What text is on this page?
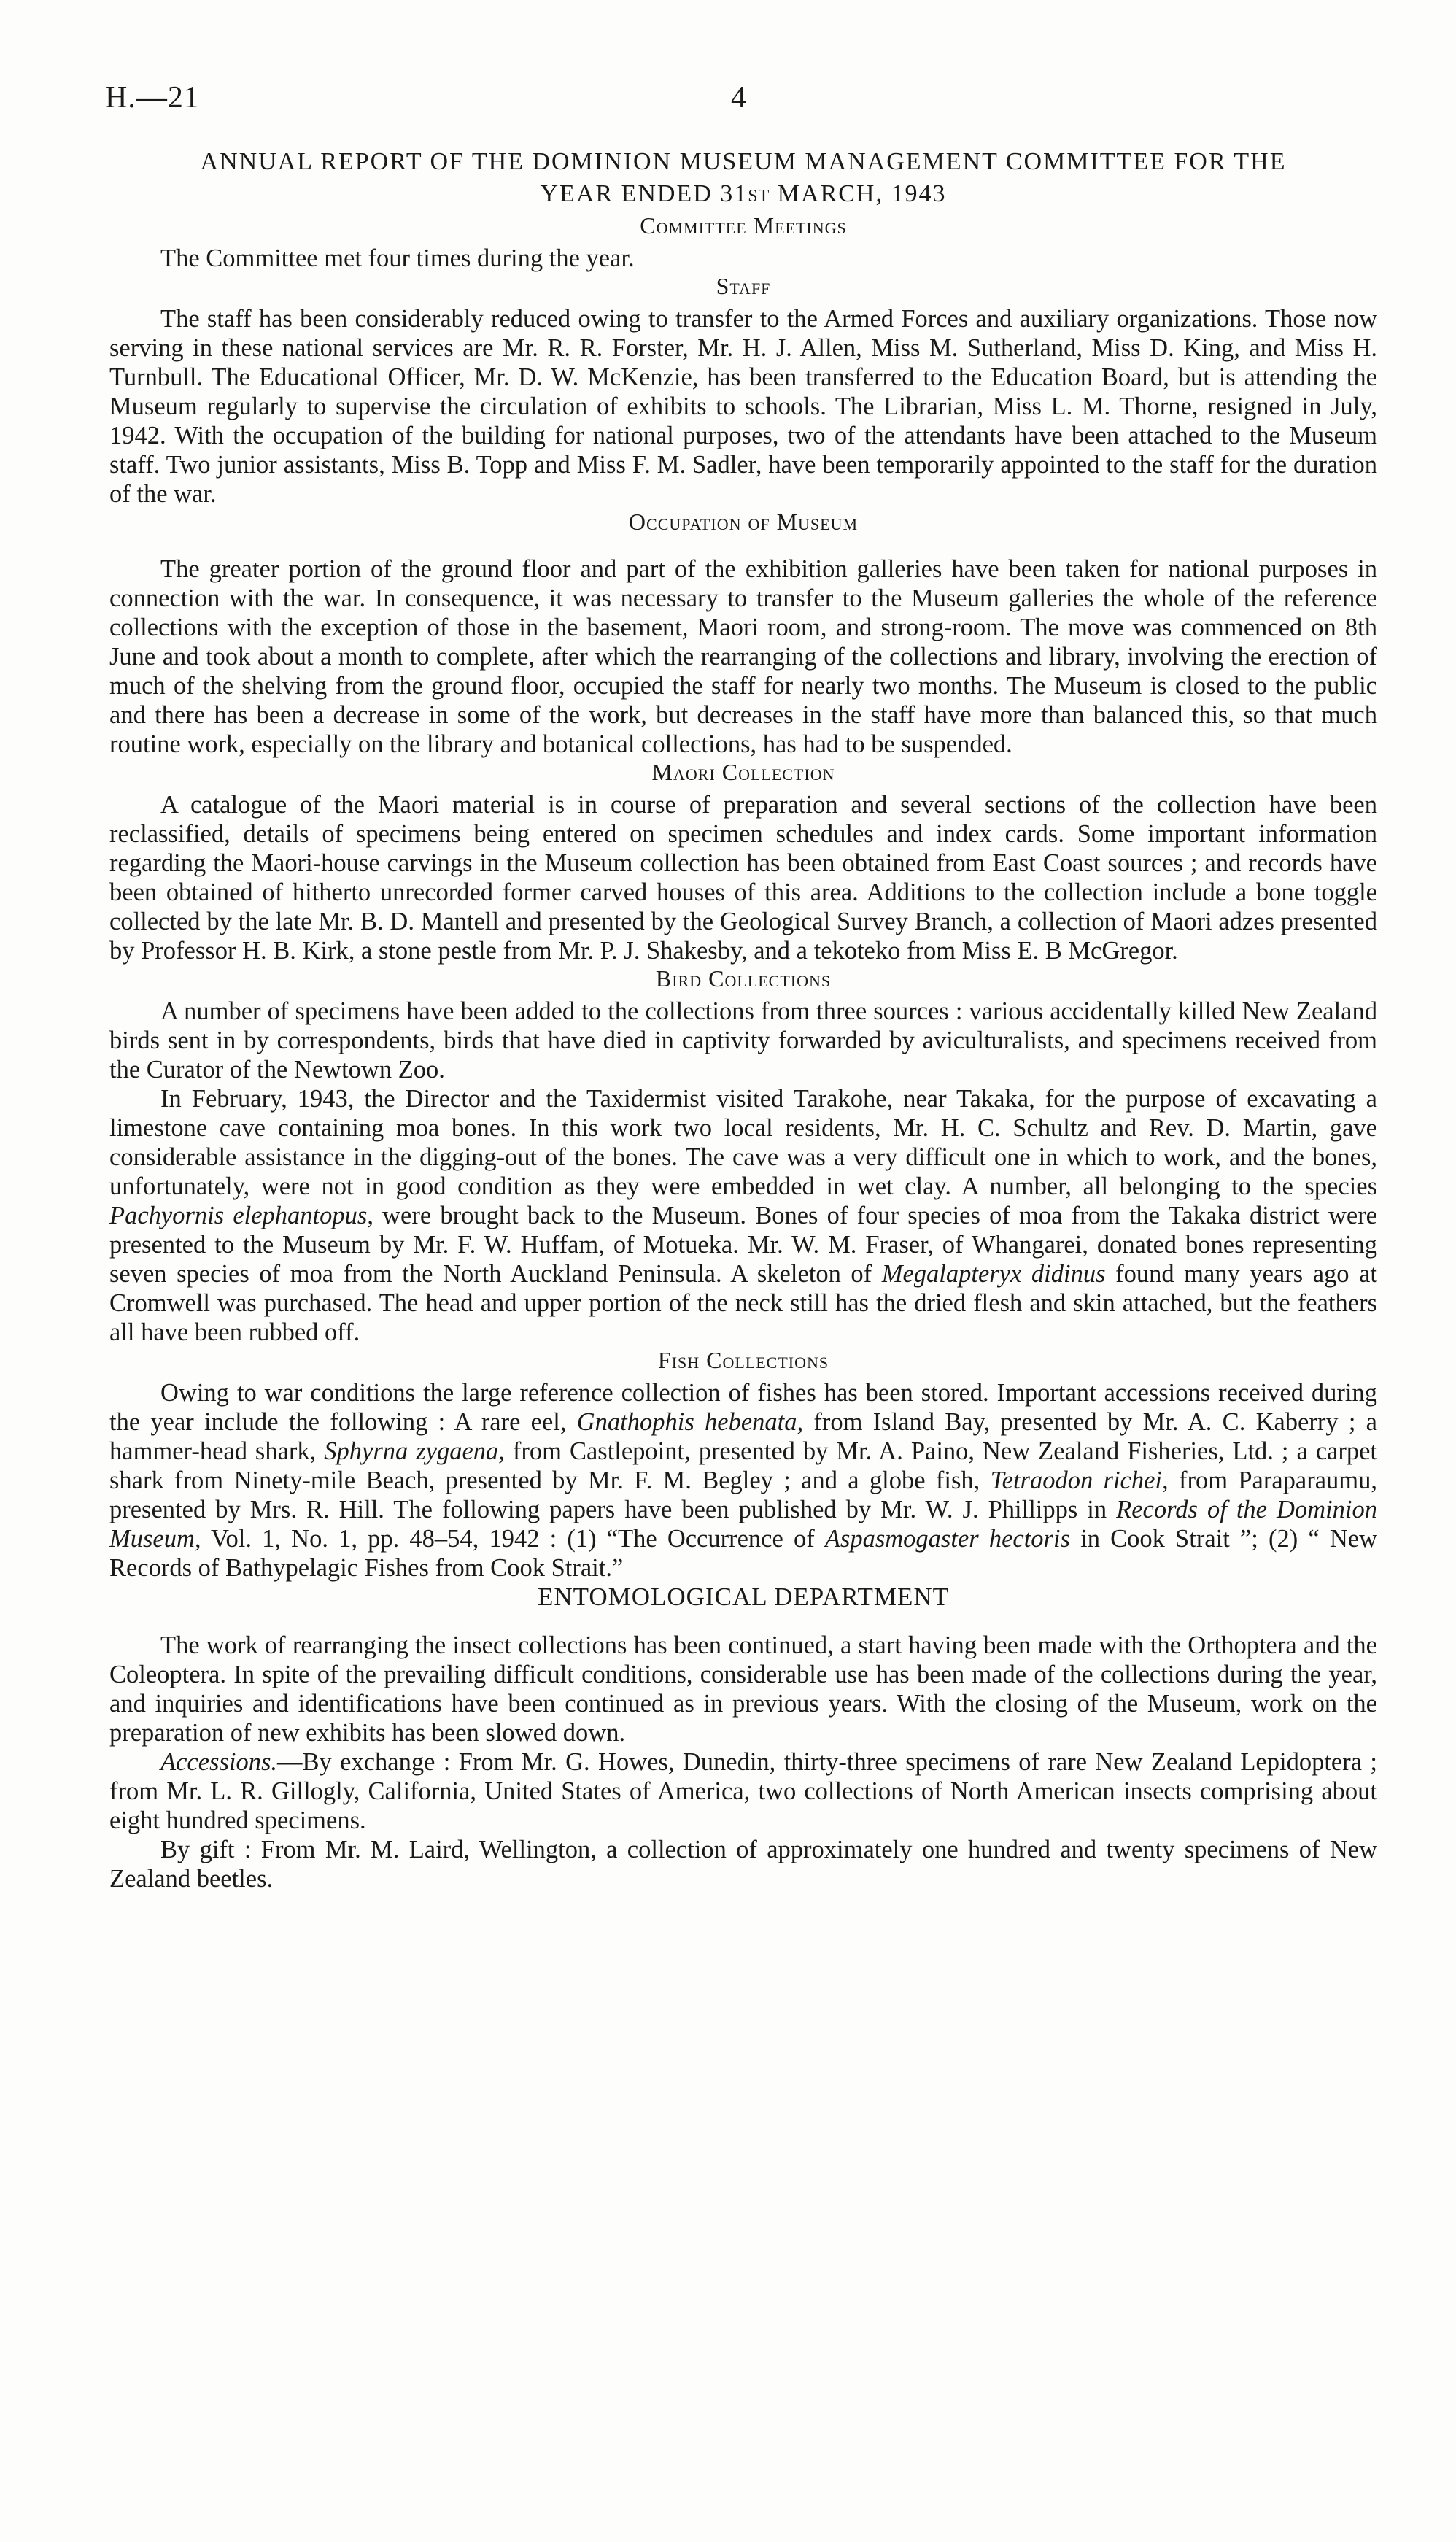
H.—21	4
ANNUAL REPORT OF THE DOMINION MUSEUM MANAGEMENT COMMITTEE FOR THE
YEAR ENDED 31ST MARCH, 1943
Committee Meetings

The Committee met four times during the year.

Staff

The staff has been considerably reduced owing to transfer to the Armed Forces and auxiliary organizations. Those now serving in these national services are Mr. R. R. Forster, Mr. H. J. Allen, Miss M. Sutherland, Miss D. King, and Miss H. Turnbull. The Educational Officer, Mr. D. W. McKenzie, has been transferred to the Education Board, but is attending the Museum regularly to supervise the circulation of exhibits to schools. The Librarian, Miss L. M. Thorne, resigned in July, 1942. With the occupation of the building for national purposes, two of the attendants have been attached to the Museum staff. Two junior assistants, Miss B. Topp and Miss F. M. Sadler, have been temporarily appointed to the staff for the duration of the war.

Occupation of Museum

The greater portion of the ground floor and part of the exhibition galleries have been taken for national purposes in connection with the war. In consequence, it was necessary to transfer to the Museum galleries the whole of the reference collections with the exception of those in the basement, Maori room, and strong-room. The move was commenced on 8th June and took about a month to complete, after which the rearranging of the collections and library, involving the erection of much of the shelving from the ground floor, occupied the staff for nearly two months. The Museum is closed to the public and there has been a decrease in some of the work, but decreases in the staff have more than balanced this, so that much routine work, especially on the library and botanical collections, has had to be suspended.

Maori Collection

A catalogue of the Maori material is in course of preparation and several sections of the collection have been reclassified, details of specimens being entered on specimen schedules and index cards. Some important information regarding the Maori-house carvings in the Museum collection has been obtained from East Coast sources ; and records have been obtained of hitherto unrecorded former carved houses of this area. Additions to the collection include a bone toggle collected by the late Mr. B. D. Mantell and presented by the Geological Survey Branch, a collection of Maori adzes presented by Professor H. B. Kirk, a stone pestle from Mr. P. J. Shakesby, and a tekoteko from Miss E. B McGregor.

Bird Collections

A number of specimens have been added to the collections from three sources : various accidentally killed New Zealand birds sent in by correspondents, birds that have died in captivity forwarded by aviculturalists, and specimens received from the Curator of the Newtown Zoo.

In February, 1943, the Director and the Taxidermist visited Tarakohe, near Takaka, for the purpose of excavating a limestone cave containing moa bones. In this work two local residents, Mr. H. C. Schultz and Rev. D. Martin, gave considerable assistance in the digging-out of the bones. The cave was a very difficult one in which to work, and the bones, unfortunately, were not in good condition as they were embedded in wet clay. A number, all belonging to the species Pachyornis elephantopus, were brought back to the Museum. Bones of four species of moa from the Takaka district were presented to the Museum by Mr. F. W. Huffam, of Motueka. Mr. W. M. Fraser, of Whangarei, donated bones representing seven species of moa from the North Auckland Peninsula. A skeleton of Megalapteryx didinus found many years ago at Cromwell was purchased. The head and upper portion of the neck still has the dried flesh and skin attached, but the feathers all have been rubbed off.

Fish Collections

Owing to war conditions the large reference collection of fishes has been stored. Important accessions received during the year include the following : A rare eel, Gnathophis hebenata, from Island Bay, presented by Mr. A. C. Kaberry ; a hammer-head shark, Sphyrna zygaena, from Castlepoint, presented by Mr. A. Paino, New Zealand Fisheries, Ltd. ; a carpet shark from Ninety-mile Beach, presented by Mr. F. M. Begley ; and a globe fish, Tetraodon richei, from Paraparaumu, presented by Mrs. R. Hill. The following papers have been published by Mr. W. J. Phillipps in Records of the Dominion Museum, Vol. 1, No. 1, pp. 48–54, 1942 : (1) “The Occurrence of Aspasmogaster hectoris in Cook Strait ”; (2) “ New Records of Bathypelagic Fishes from Cook Strait.”

ENTOMOLOGICAL DEPARTMENT

The work of rearranging the insect collections has been continued, a start having been made with the Orthoptera and the Coleoptera. In spite of the prevailing difficult conditions, considerable use has been made of the collections during the year, and inquiries and identifications have been continued as in previous years. With the closing of the Museum, work on the preparation of new exhibits has been slowed down.

Accessions.—By exchange : From Mr. G. Howes, Dunedin, thirty-three specimens of rare New Zealand Lepidoptera ; from Mr. L. R. Gillogly, California, United States of America, two collections of North American insects comprising about eight hundred specimens.

By gift : From Mr. M. Laird, Wellington, a collection of approximately one hundred and twenty specimens of New Zealand beetles.
